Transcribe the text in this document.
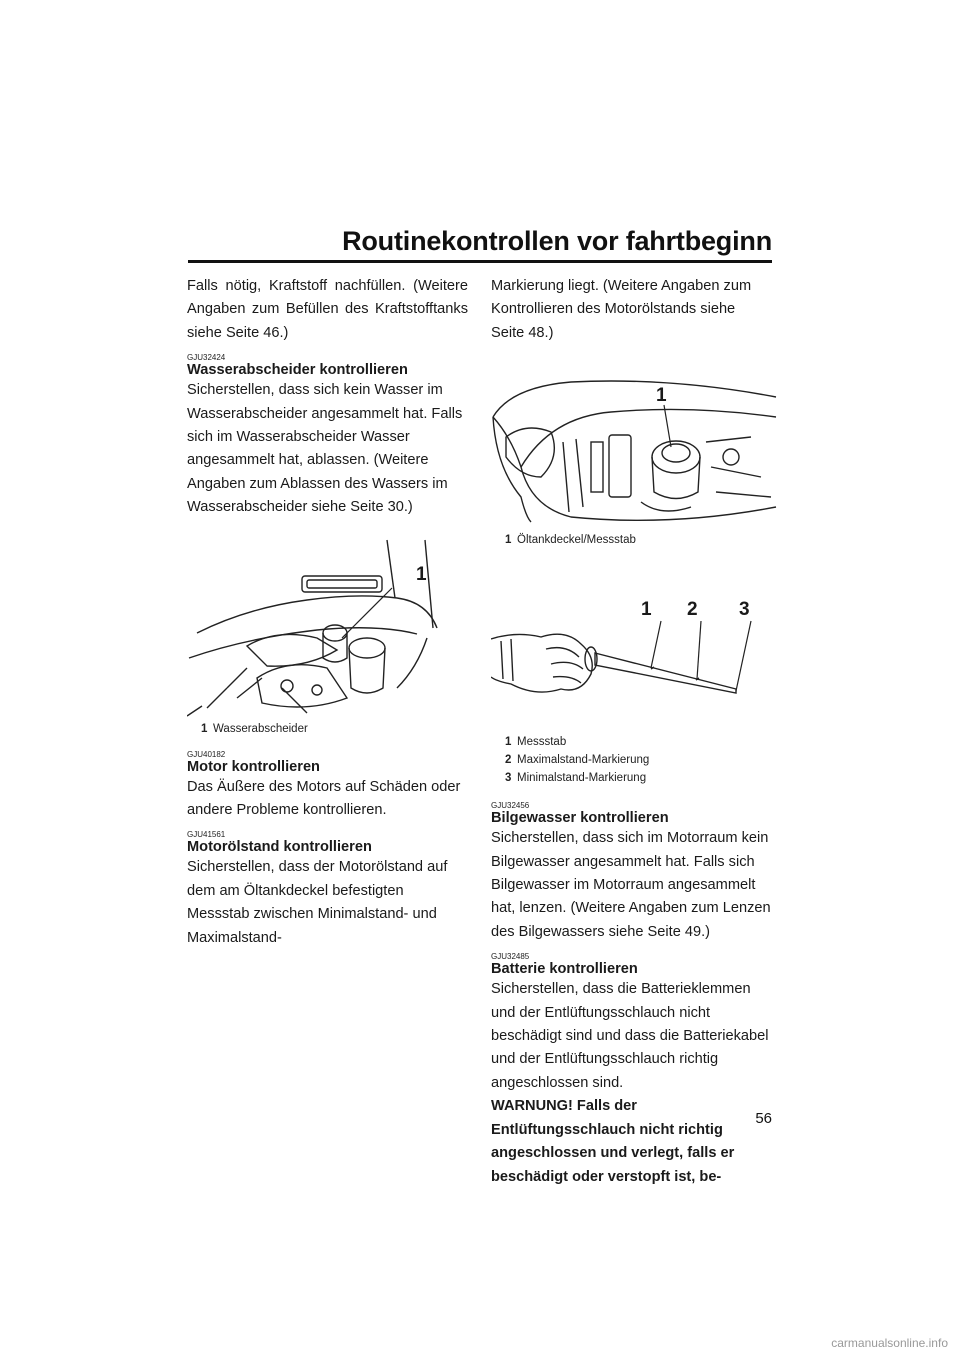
Routinekontrollen vor fahrtbeginn

Falls nötig, Kraftstoff nachfüllen. (Weitere Angaben zum Befüllen des Kraftstofftanks siehe Seite 46.)

GJU32424
Wasserabscheider kontrollieren

Sicherstellen, dass sich kein Wasser im Wasserabscheider angesammelt hat. Falls sich im Wasserabscheider Wasser angesammelt hat, ablassen. (Weitere Angaben zum Ablassen des Wassers im Wasserabscheider siehe Seite 30.)

1

1 Wasserabscheider

GJU40182
Motor kontrollieren

Das Äußere des Motors auf Schäden oder andere Probleme kontrollieren.

GJU41561
Motorölstand kontrollieren

Sicherstellen, dass der Motorölstand auf dem am Öltankdeckel befestigten Messstab zwischen Minimalstand- und Maximalstand-

Markierung liegt. (Weitere Angaben zum Kontrollieren des Motorölstands siehe Seite 48.)

1

1 Öltankdeckel/Messstab

1 2 3

1 Messstab

2 Maximalstand-Markierung

3 Minimalstand-Markierung

GJU32456
Bilgewasser kontrollieren

Sicherstellen, dass sich im Motorraum kein Bilgewasser angesammelt hat. Falls sich Bilgewasser im Motorraum angesammelt hat, lenzen. (Weitere Angaben zum Lenzen des Bilgewassers siehe Seite 49.)

GJU32485
Batterie kontrollieren

Sicherstellen, dass die Batterieklemmen und der Entlüftungsschlauch nicht beschädigt sind und dass die Batteriekabel und der Entlüftungsschlauch richtig angeschlossen sind.

WARNUNG! Falls der Entlüftungsschlauch nicht richtig angeschlossen und verlegt, falls er beschädigt oder verstopft ist, be-

56
carmanualsonline.info
